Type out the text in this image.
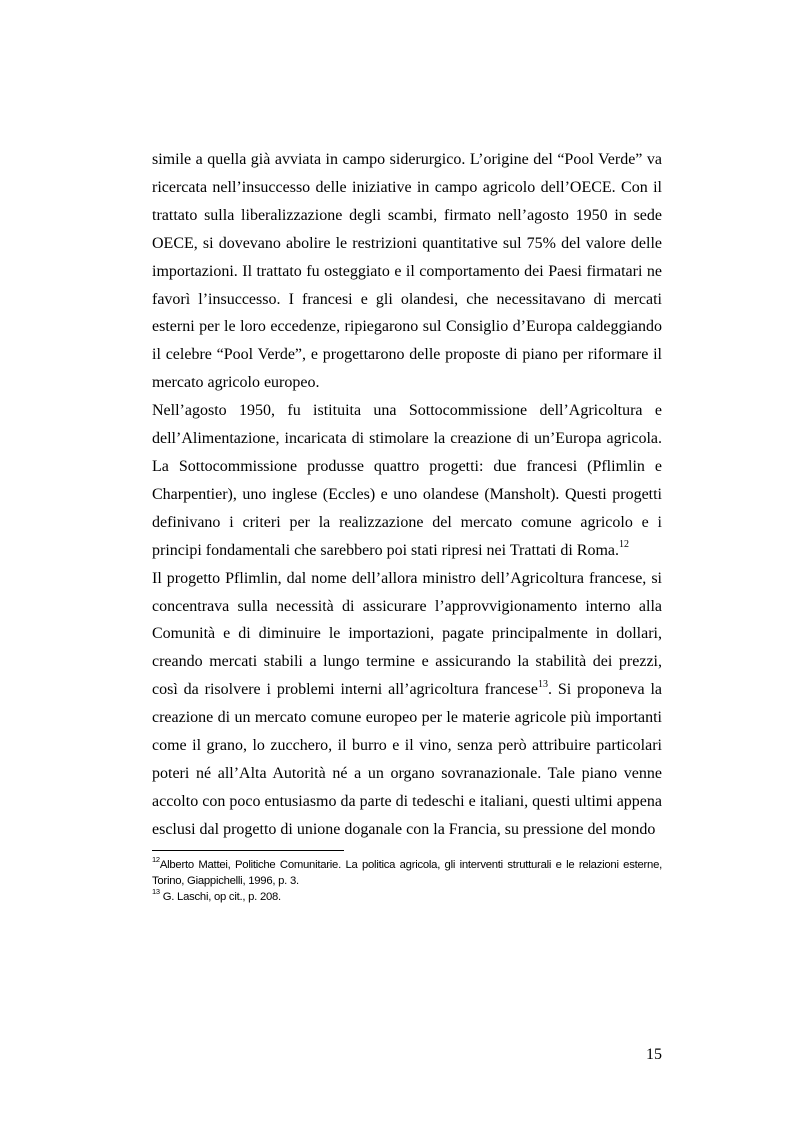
simile a quella già avviata in campo siderurgico. L’origine del “Pool Verde” va ricercata nell’insuccesso delle iniziative in campo agricolo dell’OECE. Con il trattato sulla liberalizzazione degli scambi, firmato nell’agosto 1950 in sede OECE, si dovevano abolire le restrizioni quantitative sul 75% del valore delle importazioni. Il trattato fu osteggiato e il comportamento dei Paesi firmatari ne favorì l’insuccesso. I francesi e gli olandesi, che necessitavano di mercati esterni per le loro eccedenze, ripiegarono sul Consiglio d’Europa caldeggiando il celebre “Pool Verde”, e progettarono delle proposte di piano per riformare il mercato agricolo europeo.

Nell’agosto 1950, fu istituita una Sottocommissione dell’Agricoltura e dell’Alimentazione, incaricata di stimolare la creazione di un’Europa agricola. La Sottocommissione produsse quattro progetti: due francesi (Pflimlin e Charpentier), uno inglese (Eccles) e uno olandese (Mansholt). Questi progetti definivano i criteri per la realizzazione del mercato comune agricolo e i principi fondamentali che sarebbero poi stati ripresi nei Trattati di Roma.$^{12}$

Il progetto Pflimlin, dal nome dell’allora ministro dell’Agricoltura francese, si concentrava sulla necessità di assicurare l’approvvigionamento interno alla Comunità e di diminuire le importazioni, pagate principalmente in dollari, creando mercati stabili a lungo termine e assicurando la stabilità dei prezzi, così da risolvere i problemi interni all’agricoltura francese$^{13}$. Si proponeva la creazione di un mercato comune europeo per le materie agricole più importanti come il grano, lo zucchero, il burro e il vino, senza però attribuire particolari poteri né all’Alta Autorità né a un organo sovranazionale. Tale piano venne accolto con poco entusiasmo da parte di tedeschi e italiani, questi ultimi appena esclusi dal progetto di unione doganale con la Francia, su pressione del mondo

$^{12}$Alberto Mattei, Politiche Comunitarie. La politica agricola, gli interventi strutturali e le relazioni esterne, Torino, Giappichelli, 1996, p. 3.

$^{13}$ G. Laschi, op cit., p. 208.

15
